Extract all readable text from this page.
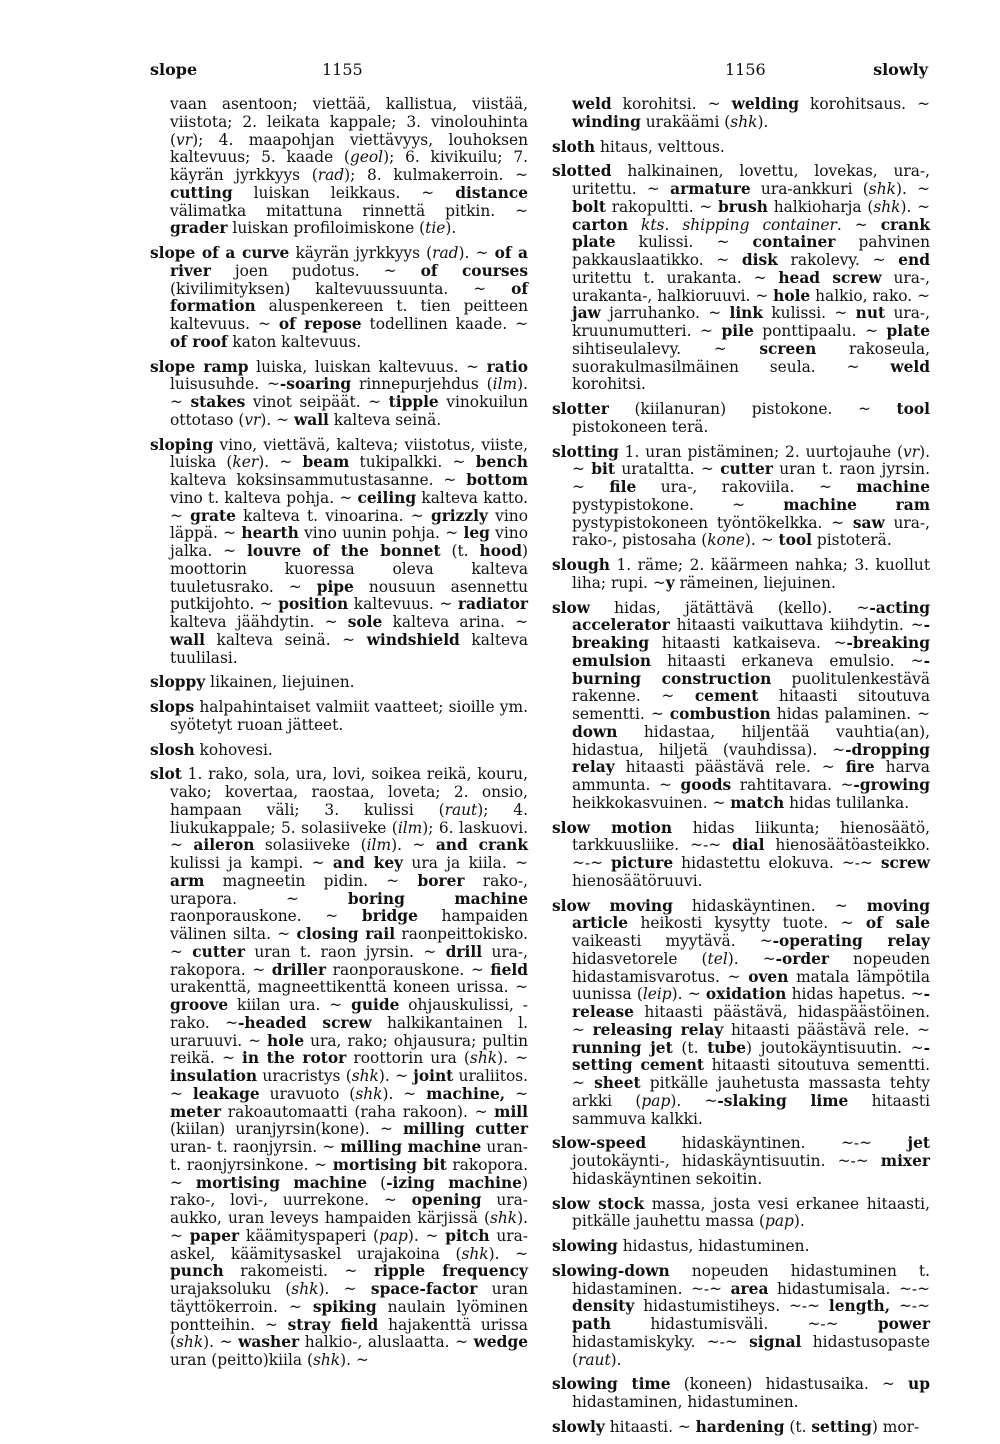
slope	1155	1156	slowly

vaan asentoon; viettää, kallistua, viistää, viistota; 2. leikata kappale; 3. vinolouhinta (vr); 4. maapohjan viettävyys, louhoksen kaltevuus; 5. kaade (geol); 6. kivikuilu; 7. käyrän jyrkkyys (rad); 8. kulmakerroin. ~ cutting luiskan leikkaus. ~ distance välimatka mitattuna rinnettä pitkin. ~ grader luiskan profiloimiskone (tie).

slope of a curve käyrän jyrkkyys (rad). ~ of a river joen pudotus. ~ of courses (kivilimityksen) kaltevuussuunta. ~ of formation aluspenkereen t. tien peitteen kaltevuus. ~ of repose todellinen kaade. ~ of roof katon kaltevuus.

slope ramp luiska, luiskan kaltevuus. ~ ratio luisusuhde. ~-soaring rinnepurjehdus (ilm). ~ stakes vinot seipäät. ~ tipple vinokuilun ottotaso (vr). ~ wall kalteva seinä.

sloping vino, viettävä, kalteva; viistotus, viiste, luiska (ker). ~ beam tukipalkki. ~ bench kalteva koksinsammutustasanne. ~ bottom vino t. kalteva pohja. ~ ceiling kalteva katto. ~ grate kalteva t. vinoarina. ~ grizzly vino läppä. ~ hearth vino uunin pohja. ~ leg vino jalka. ~ louvre of the bonnet (t. hood) moottorin kuoressa oleva kalteva tuuletusrako. ~ pipe nousuun asennettu putkijohto. ~ position kaltevuus. ~ radiator kalteva jäähdytin. ~ sole kalteva arina. ~ wall kalteva seinä. ~ windshield kalteva tuulilasi.

sloppy likainen, liejuinen.

slops halpahintaiset valmiit vaatteet; sioille ym. syötetyt ruoan jätteet.

slosh kohovesi.

slot 1. rako, sola, ura, lovi, soikea reikä, kouru, vako; kovertaa, raostaa, loveta; 2. onsio, hampaan väli; 3. kulissi (raut); 4. liukukappale; 5. solasiiveke (ilm); 6. laskuovi. ~ aileron solasiiveke (ilm). ~ and crank kulissi ja kampi. ~ and key ura ja kiila. ~ arm magneetin pidin. ~ borer rako-, urapora. ~ boring machine raonporauskone. ~ bridge hampaiden välinen silta. ~ closing rail raonpeittokisko. ~ cutter uran t. raon jyrsin. ~ drill ura-, rakopora. ~ driller raonporauskone. ~ field urakenttä, magneettikenttä koneen urissa. ~ groove kiilan ura. ~ guide ohjauskulissi, -rako. ~-headed screw halkikantainen l. uraruuvi. ~ hole ura, rako; ohjausura; pultin reikä. ~ in the rotor roottorin ura (shk). ~ insulation uracristys (shk). ~ joint uraliitos. ~ leakage uravuoto (shk). ~ machine, ~ meter rakoautomaatti (raha rakoon). ~ mill (kiilan) uranjyrsin(kone). ~ milling cutter uran- t. raonjyrsin. ~ milling machine uran- t. raonjyrsinkone. ~ mortising bit rakopora. ~ mortising machine (-izing machine) rako-, lovi-, uurrekone. ~ opening ura-aukko, uran leveys hampaiden kärjissä (shk). ~ paper käämityspaperi (pap). ~ pitch ura-askel, käämitysaskel urajakoina (shk). ~ punch rakomeisti. ~ ripple frequency urajaksoluku (shk). ~ space-factor uran täyttökerroin. ~ spiking naulain lyöminen pontteihin. ~ stray field hajakenttä urissa (shk). ~ washer halkio-, aluslaatta. ~ wedge uran (peitto)kiila (shk). ~

weld korohitsi. ~ welding korohitsaus. ~ winding urakäämi (shk).

sloth hitaus, velttous.

slotted halkinainen, lovettu, lovekas, ura-, uritettu. ~ armature ura-ankkuri (shk). ~ bolt rakopultti. ~ brush halkioharja (shk). ~ carton kts. shipping container. ~ crank plate kulissi. ~ container pahvinen pakkauslaatikko. ~ disk rakolevy. ~ end uritettu t. urakanta. ~ head screw ura-, urakanta-, halkioruuvi. ~ hole halkio, rako. ~ jaw jarruhanko. ~ link kulissi. ~ nut ura-, kruunumutteri. ~ pile ponttipaalu. ~ plate sihtiseulalevy. ~ screen rakoseula, suorakulmasilmäinen seula. ~ weld korohitsi.

slotter (kiilanuran) pistokone. ~ tool pistokoneen terä.

slotting 1. uran pistäminen; 2. uurtojauhe (vr). ~ bit urataltta. ~ cutter uran t. raon jyrsin. ~ file ura-, rakoviila. ~ machine pystypistokone. ~ machine ram pystypistokoneen työntökelkka. ~ saw ura-, rako-, pistosaha (kone). ~ tool pistoterä.

slough 1. räme; 2. käärmeen nahka; 3. kuollut liha; rupi. ~y rämeinen, liejuinen.

slow hidas, jätättävä (kello). ~-acting accelerator hitaasti vaikuttava kiihdytin. ~-breaking hitaasti katkaiseva. ~-breaking emulsion hitaasti erkaneva emulsio. ~-burning construction puolitulenkestävä rakenne. ~ cement hitaasti sitoutuva sementti. ~ combustion hidas palaminen. ~ down hidastaa, hiljentää vauhtia(an), hidastua, hiljetä (vauhdissa). ~-dropping relay hitaasti päästävä rele. ~ fire harva ammunta. ~ goods rahtitavara. ~-growing heikkokasvuinen. ~ match hidas tulilanka.

slow motion hidas liikunta; hienosäätö, tarkkuusliike. ~-~ dial hienosäätöasteikko. ~-~ picture hidastettu elokuva. ~-~ screw hienosäätöruuvi.

slow moving hidaskäyntinen. ~ moving article heikosti kysytty tuote. ~ of sale vaikeasti myytävä. ~-operating relay hidasvetorele (tel). ~-order nopeuden hidastamisvarotus. ~ oven matala lämpötila uunissa (leip). ~ oxidation hidas hapetus. ~-release hitaasti päästävä, hidaspäästöinen. ~ releasing relay hitaasti päästävä rele. ~ running jet (t. tube) joutokäyntisuutin. ~-setting cement hitaasti sitoutuva sementti. ~ sheet pitkälle jauhetusta massasta tehty arkki (pap). ~-slaking lime hitaasti sammuva kalkki.

slow-speed hidaskäyntinen. ~-~ jet joutokäynti-, hidaskäyntisuutin. ~-~ mixer hidaskäyntinen sekoitin.

slow stock massa, josta vesi erkanee hitaasti, pitkälle jauhettu massa (pap).

slowing hidastus, hidastuminen.

slowing-down nopeuden hidastuminen t. hidastaminen. ~-~ area hidastumisala. ~-~ density hidastumistiheys. ~-~ length, ~-~ path hidastumisväli. ~-~ power hidastamiskyky. ~-~ signal hidastusopaste (raut).

slowing time (koneen) hidastusaika. ~ up hidastaminen, hidastuminen.

slowly hitaasti. ~ hardening (t. setting) mor-
